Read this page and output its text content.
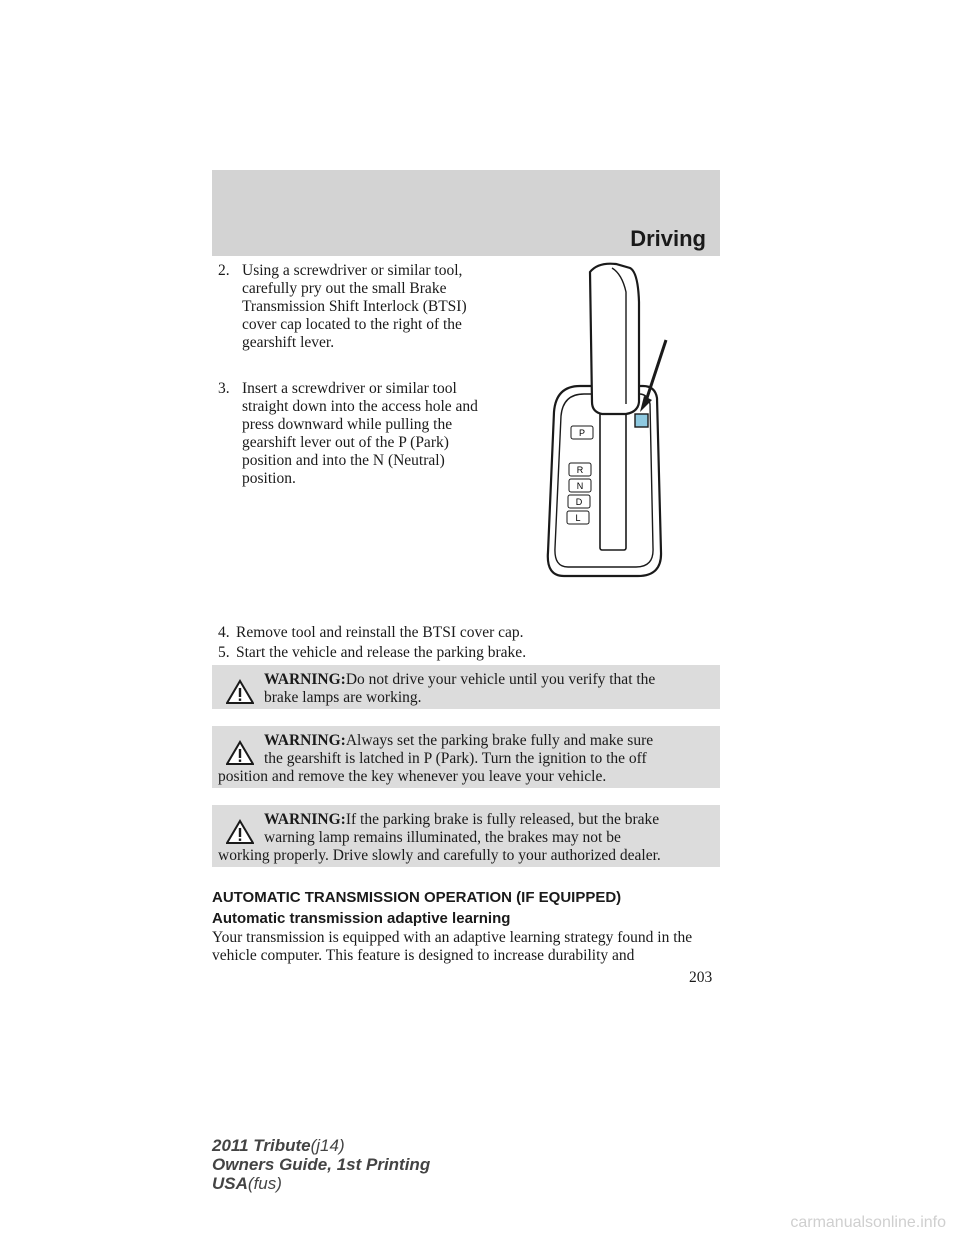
Driving
2. Using a screwdriver or similar tool, carefully pry out the small Brake Transmission Shift Interlock (BTSI) cover cap located to the right of the gearshift lever.
3. Insert a screwdriver or similar tool straight down into the access hole and press downward while pulling the gearshift lever out of the P (Park) position and into the N (Neutral) position.
P
R
N
D
L
4. Remove tool and reinstall the BTSI cover cap.
5. Start the vehicle and release the parking brake.
WARNING:Do not drive your vehicle until you verify that the
brake lamps are working.
WARNING:Always set the parking brake fully and make sure
the gearshift is latched in P (Park). Turn the ignition to the off
position and remove the key whenever you leave your vehicle.
WARNING:If the parking brake is fully released, but the brake
warning lamp remains illuminated, the brakes may not be
working properly. Drive slowly and carefully to your authorized dealer.
AUTOMATIC TRANSMISSION OPERATION (IF EQUIPPED)
Automatic transmission adaptive learning
Your transmission is equipped with an adaptive learning strategy found in the vehicle computer. This feature is designed to increase durability and
203
2011 Tribute(j14)
Owners Guide, 1st Printing
USA(fus)
carmanualsonline.info
